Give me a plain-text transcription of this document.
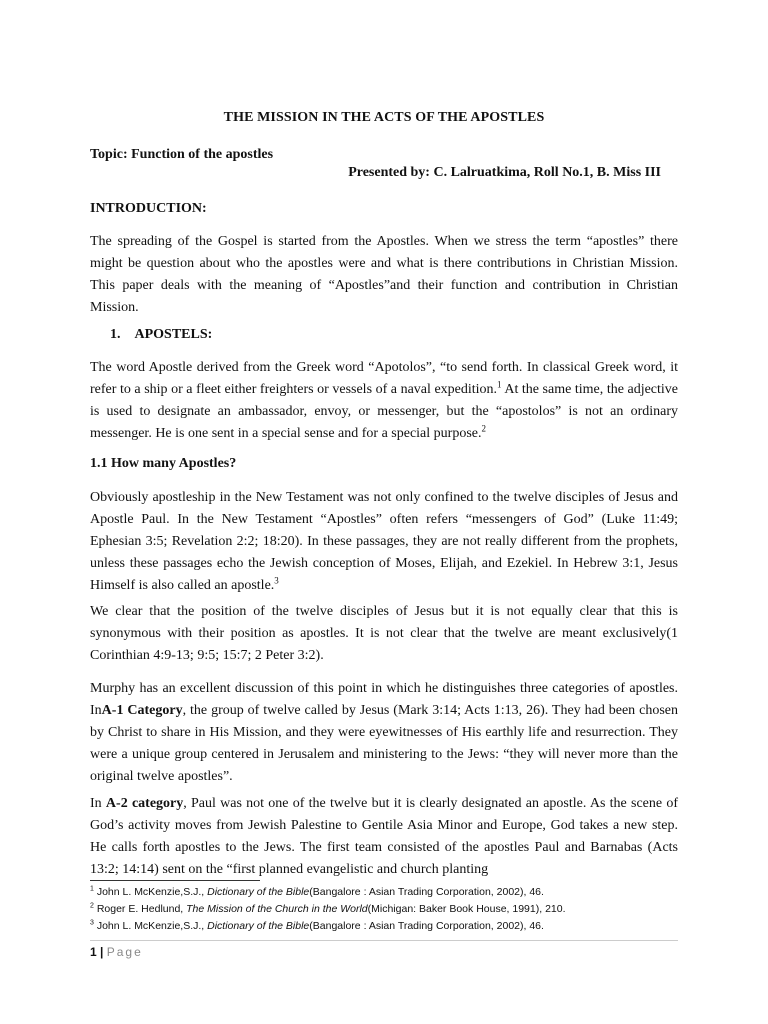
THE MISSION IN THE ACTS OF THE APOSTLES
Topic: Function of the apostles
Presented by: C. Lalruatkima, Roll No.1, B. Miss III
INTRODUCTION:

The spreading of the Gospel is started from the Apostles. When we stress the term “apostles” there might be question about who the apostles were and what is there contributions in Christian Mission. This paper deals with the meaning of “Apostles”and their function and contribution in Christian Mission.

1. APOSTELS:

The word Apostle derived from the Greek word “Apotolos”, “to send forth. In classical Greek word, it refer to a ship or a fleet either freighters or vessels of a naval expedition.$^1$ At the same time, the adjective is used to designate an ambassador, envoy, or messenger, but the “apostolos” is not an ordinary messenger. He is one sent in a special sense and for a special purpose.$^2$

1.1 How many Apostles?

Obviously apostleship in the New Testament was not only confined to the twelve disciples of Jesus and Apostle Paul. In the New Testament “Apostles” often refers “messengers of God” (Luke 11:49; Ephesian 3:5; Revelation 2:2; 18:20). In these passages, they are not really different from the prophets, unless these passages echo the Jewish conception of Moses, Elijah, and Ezekiel. In Hebrew 3:1, Jesus Himself is also called an apostle.$^3$

We clear that the position of the twelve disciples of Jesus but it is not equally clear that this is synonymous with their position as apostles. It is not clear that the twelve are meant exclusively(1 Corinthian 4:9-13; 9:5; 15:7; 2 Peter 3:2).

Murphy has an excellent discussion of this point in which he distinguishes three categories of apostles. InA-1 Category, the group of twelve called by Jesus (Mark 3:14; Acts 1:13, 26). They had been chosen by Christ to share in His Mission, and they were eyewitnesses of His earthly life and resurrection. They were a unique group centered in Jerusalem and ministering to the Jews: “they will never more than the original twelve apostles”.

In A-2 category, Paul was not one of the twelve but it is clearly designated an apostle. As the scene of God’s activity moves from Jewish Palestine to Gentile Asia Minor and Europe, God takes a new step. He calls forth apostles to the Jews. The first team consisted of the apostles Paul and Barnabas (Acts 13:2; 14:14) sent on the “first planned evangelistic and church planting

$^1$ John L. McKenzie,S.J., Dictionary of the Bible(Bangalore : Asian Trading Corporation, 2002), 46.
$^2$ Roger E. Hedlund, The Mission of the Church in the World(Michigan: Baker Book House, 1991), 210.
$^3$ John L. McKenzie,S.J., Dictionary of the Bible(Bangalore : Asian Trading Corporation, 2002), 46.
1 | Page
